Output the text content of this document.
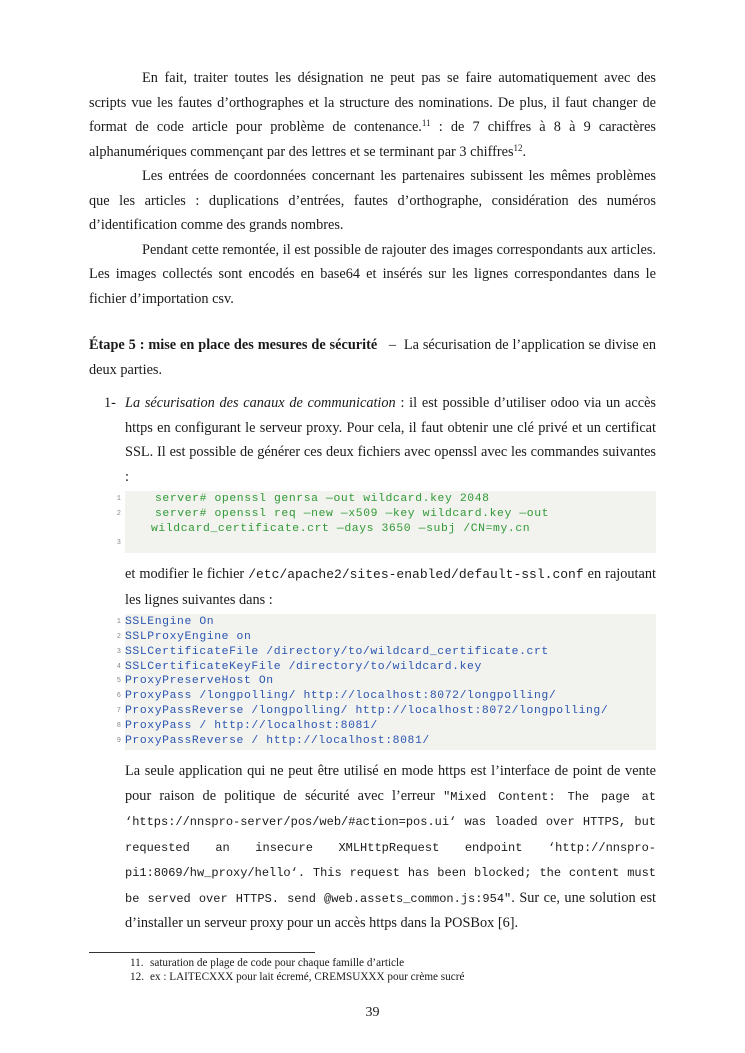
En fait, traiter toutes les désignation ne peut pas se faire automatiquement avec des scripts vue les fautes d’orthographes et la structure des nominations. De plus, il faut changer de format de code article pour problème de contenance.$^{11}$ : de 7 chiffres à 8 à 9 caractères alphanumériques commençant par des lettres et se terminant par 3 chiffres$^{12}$.

Les entrées de coordonnées concernant les partenaires subissent les mêmes problèmes que les articles : duplications d’entrées, fautes d’orthographe, considération des numéros d’identification comme des grands nombres.

Pendant cette remontée, il est possible de rajouter des images correspondants aux articles. Les images collectés sont encodés en base64 et insérés sur les lignes correspondantes dans le fichier d’importation csv.

Étape 5 : mise en place des mesures de sécurité – La sécurisation de l’application se divise en deux parties.

1- La sécurisation des canaux de communication : il est possible d’utiliser odoo via un accès https en configurant le serveur proxy. Pour cela, il faut obtenir une clé privé et un certificat SSL. Il est possible de générer ces deux fichiers avec openssl avec les commandes suivantes :

1	server# openssl genrsa —out wildcard.key 2048
2	server# openssl req —new —x509 —key wildcard.key —out
wildcard_certificate.crt —days 3650 —subj /CN=my.cn
3

et modifier le fichier /etc/apache2/sites-enabled/default-ssl.conf en rajoutant les lignes suivantes dans :

1 SSLEngine On
2 SSLProxyEngine on
3 SSLCertificateFile /directory/to/wildcard_certificate.crt
4 SSLCertificateKeyFile /directory/to/wildcard.key
5 ProxyPreserveHost On
6 ProxyPass /longpolling/ http://localhost:8072/longpolling/
7 ProxyPassReverse /longpolling/ http://localhost:8072/longpolling/
8 ProxyPass / http://localhost:8081/
9 ProxyPassReverse / http://localhost:8081/

La seule application qui ne peut être utilisé en mode https est l’interface de point de vente pour raison de politique de sécurité avec l’erreur "Mixed Content: The page at ‘https://nnspro-server/pos/web/#action=pos.ui‘ was loaded over HTTPS, but requested an insecure XMLHttpRequest endpoint ‘http://nnspro-pi1:8069/hw_proxy/hello‘. This request has been blocked; the content must be served over HTTPS. send @web.assets_common.js:954". Sur ce, une solution est d’installer un serveur proxy pour un accès https dans la POSBox [6].

11. saturation de plage de code pour chaque famille d’article
12. ex : LAITECXXX pour lait écremé, CREMSUXXX pour crème sucré
39
